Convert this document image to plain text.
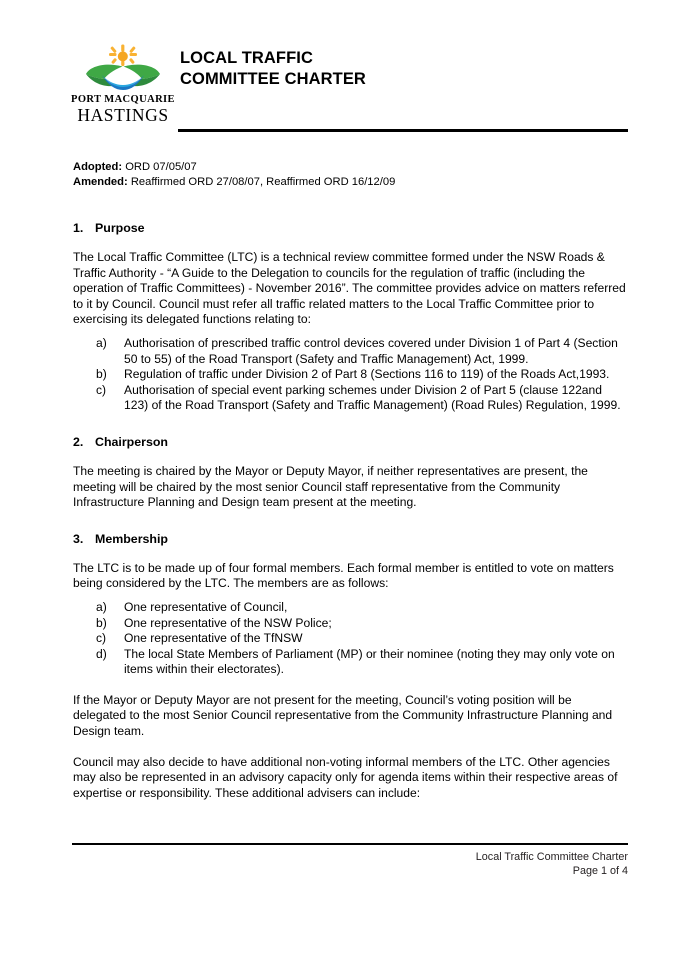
PORT MACQUARIE
HASTINGS
LOCAL TRAFFIC
COMMITTEE CHARTER
Adopted: ORD 07/05/07
Amended: Reaffirmed ORD 27/08/07, Reaffirmed ORD 16/12/09
1. Purpose

The Local Traffic Committee (LTC) is a technical review committee formed under the NSW Roads & Traffic Authority - “A Guide to the Delegation to councils for the regulation of traffic (including the operation of Traffic Committees) - November 2016”. The committee provides advice on matters referred to it by Council. Council must refer all traffic related matters to the Local Traffic Committee prior to exercising its delegated functions relating to:

a)	Authorisation of prescribed traffic control devices covered under Division 1 of Part 4 (Section 50 to 55) of the Road Transport (Safety and Traffic Management) Act, 1999.
b)	Regulation of traffic under Division 2 of Part 8 (Sections 116 to 119) of the Roads Act,1993.
c)	Authorisation of special event parking schemes under Division 2 of Part 5 (clause 122and 123) of the Road Transport (Safety and Traffic Management) (Road Rules) Regulation, 1999.
2. Chairperson

The meeting is chaired by the Mayor or Deputy Mayor, if neither representatives are present, the meeting will be chaired by the most senior Council staff representative from the Community Infrastructure Planning and Design team present at the meeting.

3. Membership

The LTC is to be made up of four formal members. Each formal member is entitled to vote on matters being considered by the LTC. The members are as follows:

a)	One representative of Council,
b)	One representative of the NSW Police;
c)	One representative of the TfNSW
d)	The local State Members of Parliament (MP) or their nominee (noting they may only vote on items within their electorates).

If the Mayor or Deputy Mayor are not present for the meeting, Council’s voting position will be delegated to the most Senior Council representative from the Community Infrastructure Planning and Design team.

Council may also decide to have additional non-voting informal members of the LTC. Other agencies may also be represented in an advisory capacity only for agenda items within their respective areas of expertise or responsibility. These additional advisers can include:

Local Traffic Committee Charter
Page 1 of 4
